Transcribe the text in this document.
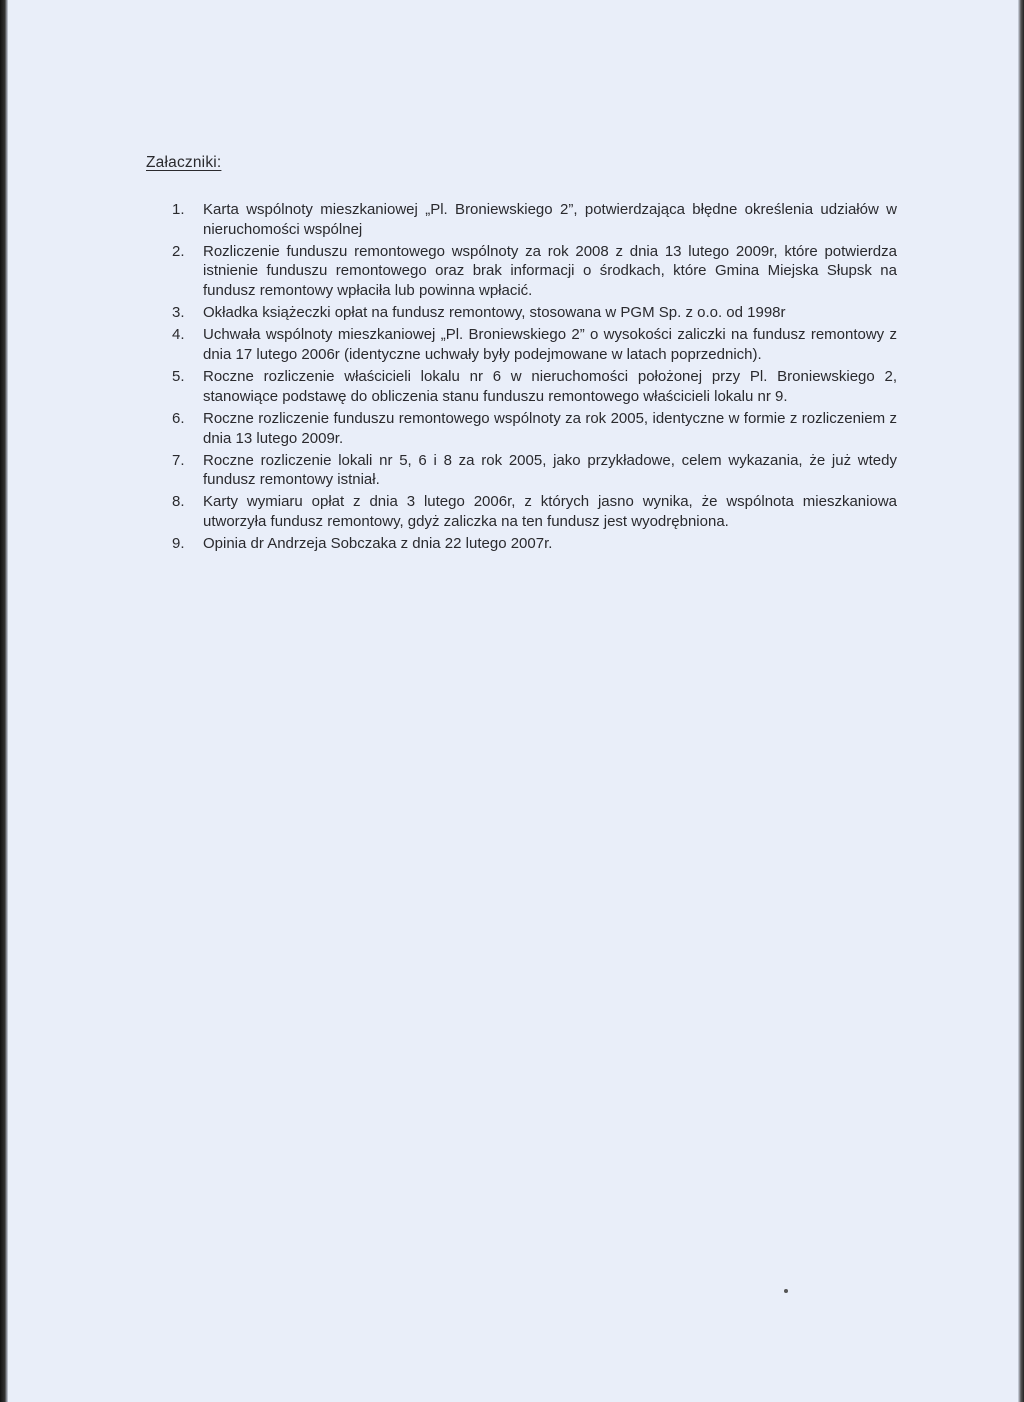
Załaczniki:
1. Karta wspólnoty mieszkaniowej „Pl. Broniewskiego 2”, potwierdzająca błędne określenia udziałów w nieruchomości wspólnej
2. Rozliczenie funduszu remontowego wspólnoty za rok 2008 z dnia 13 lutego 2009r, które potwierdza istnienie funduszu remontowego oraz brak informacji o środkach, które Gmina Miejska Słupsk na fundusz remontowy wpłaciła lub powinna wpłacić.
3. Okładka książeczki opłat na fundusz remontowy, stosowana w PGM Sp. z o.o. od 1998r
4. Uchwała wspólnoty mieszkaniowej „Pl. Broniewskiego 2” o wysokości zaliczki na fundusz remontowy z dnia 17 lutego 2006r (identyczne uchwały były podejmowane w latach poprzednich).
5. Roczne rozliczenie właścicieli lokalu nr 6 w nieruchomości położonej przy Pl. Broniewskiego 2, stanowiące podstawę do obliczenia stanu funduszu remontowego właścicieli lokalu nr 9.
6. Roczne rozliczenie funduszu remontowego wspólnoty za rok 2005, identyczne w formie z rozliczeniem z dnia 13 lutego 2009r.
7. Roczne rozliczenie lokali nr 5, 6 i 8 za rok 2005, jako przykładowe, celem wykazania, że już wtedy fundusz remontowy istniał.
8. Karty wymiaru opłat z dnia 3 lutego 2006r, z których jasno wynika, że wspólnota mieszkaniowa utworzyła fundusz remontowy, gdyż zaliczka na ten fundusz jest wyodrębniona.
9. Opinia dr Andrzeja Sobczaka z dnia 22 lutego 2007r.
